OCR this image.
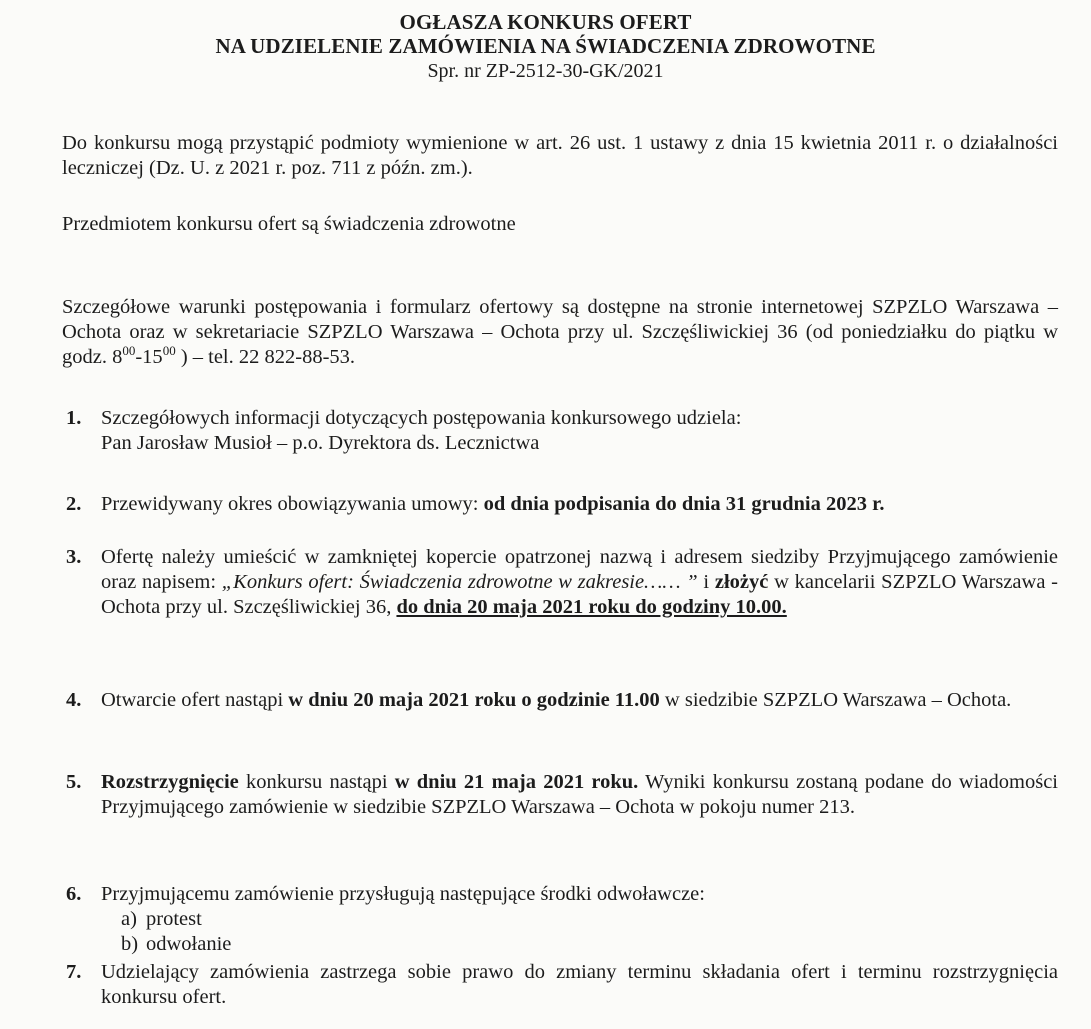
OGŁASZA KONKURS OFERT
NA UDZIELENIE ZAMÓWIENIA NA ŚWIADCZENIA ZDROWOTNE
Spr. nr ZP-2512-30-GK/2021
Do konkursu mogą przystąpić podmioty wymienione w art. 26 ust. 1 ustawy z dnia 15 kwietnia 2011 r. o działalności leczniczej (Dz. U. z 2021 r. poz. 711 z późn. zm.).
Przedmiotem konkursu ofert są świadczenia zdrowotne
Szczegółowe warunki postępowania i formularz ofertowy są dostępne na stronie internetowej SZPZLO Warszawa – Ochota oraz w sekretariacie SZPZLO Warszawa – Ochota przy ul. Szczęśliwickiej 36 (od poniedziałku do piątku w godz. $8^{00}-15^{00}$ ) – tel. 22 822-88-53.
1. Szczegółowych informacji dotyczących postępowania konkursowego udziela:
Pan Jarosław Musioł – p.o. Dyrektora ds. Lecznictwa
2. Przewidywany okres obowiązywania umowy: od dnia podpisania do dnia 31 grudnia 2023 r.
3. Ofertę należy umieścić w zamkniętej kopercie opatrzonej nazwą i adresem siedziby Przyjmującego zamówienie oraz napisem: „Konkurs ofert: Świadczenia zdrowotne w zakresie…… ” i złożyć w kancelarii SZPZLO Warszawa - Ochota przy ul. Szczęśliwickiej 36, do dnia 20 maja 2021 roku do godziny 10.00.
4. Otwarcie ofert nastąpi w dniu 20 maja 2021 roku o godzinie 11.00 w siedzibie SZPZLO Warszawa – Ochota.
5. Rozstrzygnięcie konkursu nastąpi w dniu 21 maja 2021 roku. Wyniki konkursu zostaną podane do wiadomości Przyjmującego zamówienie w siedzibie SZPZLO Warszawa – Ochota w pokoju numer 213.
6. Przyjmującemu zamówienie przysługują następujące środki odwoławcze:
a) protest
b) odwołanie
7. Udzielający zamówienia zastrzega sobie prawo do zmiany terminu składania ofert i terminu rozstrzygnięcia konkursu ofert.
